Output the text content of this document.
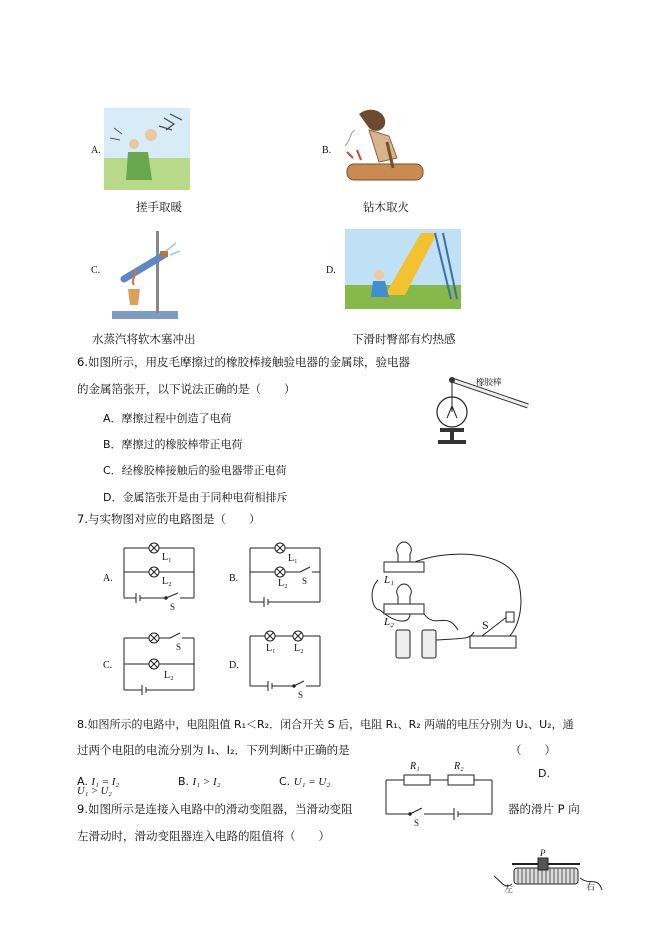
A.
搓手取暖
B.
钻木取火
C.
水蒸汽将软木塞冲出
D.
下滑时臀部有灼热感
6.如图所示，用皮毛摩擦过的橡胶棒接触验电器的金属球，验电器
的金属箔张开，以下说法正确的是（　　）	橡胶棒
A．摩擦过程中创造了电荷
B．摩擦过的橡胶棒带正电荷
C．经橡胶棒接触后的验电器带正电荷
D．金属箔张开是由于同种电荷相排斥
7.与实物图对应的电路图是（　　）
A.
L₁
L₂
S
B.
L₁
L₂ S
C.
S
L₂
D.
L₁ L₂
S
L₁
L₂	S
8.如图所示的电路中，电阻阻值 R₁＜R₂．闭合开关 S 后，电阻 R₁、R₂ 两端的电压分别为 U₁、U₂，通
过两个电阻的电流分别为 I₁、I₂．下列判断中正确的是	（　　）
A. I₁ = I₂	B. I₁ > I₂	C. U₁ = U₂
D.
U₁ > U₂
R₁	R₂
S
9.如图所示是连接入电路中的滑动变阻器，当滑动变阻	器的滑片 P 向
左滑动时，滑动变阻器连入电路的阻值将（　　）
P
左	右
